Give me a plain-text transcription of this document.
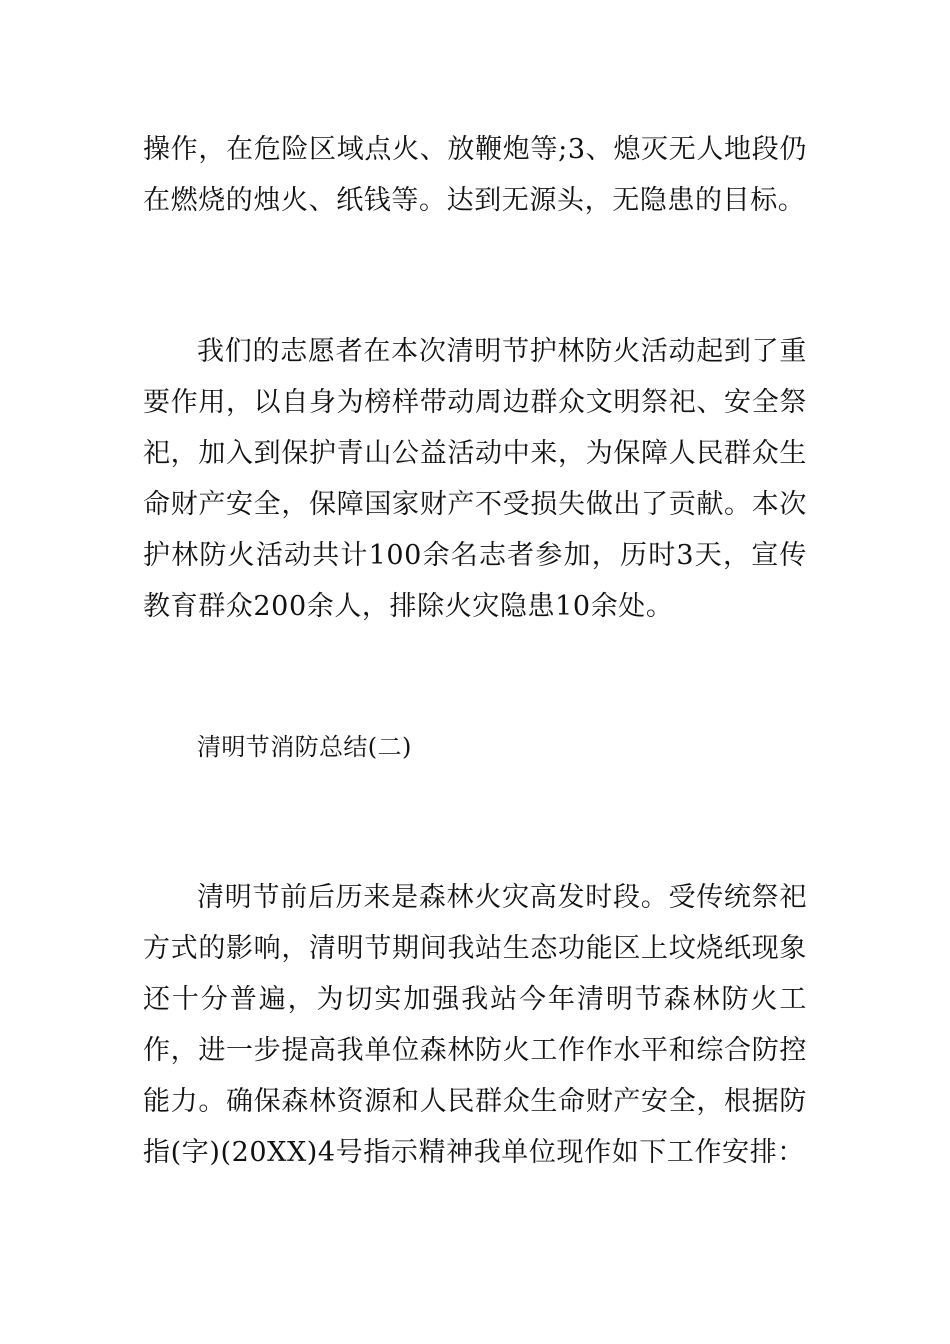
操作，在危险区域点火、放鞭炮等;3、熄灭无人地段仍在燃烧的烛火、纸钱等。达到无源头，无隐患的目标。

我们的志愿者在本次清明节护林防火活动起到了重要作用，以自身为榜样带动周边群众文明祭祀、安全祭祀，加入到保护青山公益活动中来，为保障人民群众生命财产安全，保障国家财产不受损失做出了贡献。本次护林防火活动共计100余名志者参加，历时3天，宣传教育群众200余人，排除火灾隐患10余处。

清明节消防总结(二)

清明节前后历来是森林火灾高发时段。受传统祭祀方式的影响，清明节期间我站生态功能区上坟烧纸现象还十分普遍，为切实加强我站今年清明节森林防火工作，进一步提高我单位森林防火工作作水平和综合防控能力。确保森林资源和人民群众生命财产安全，根据防指(字)(20XX)4号指示精神我单位现作如下工作安排：
